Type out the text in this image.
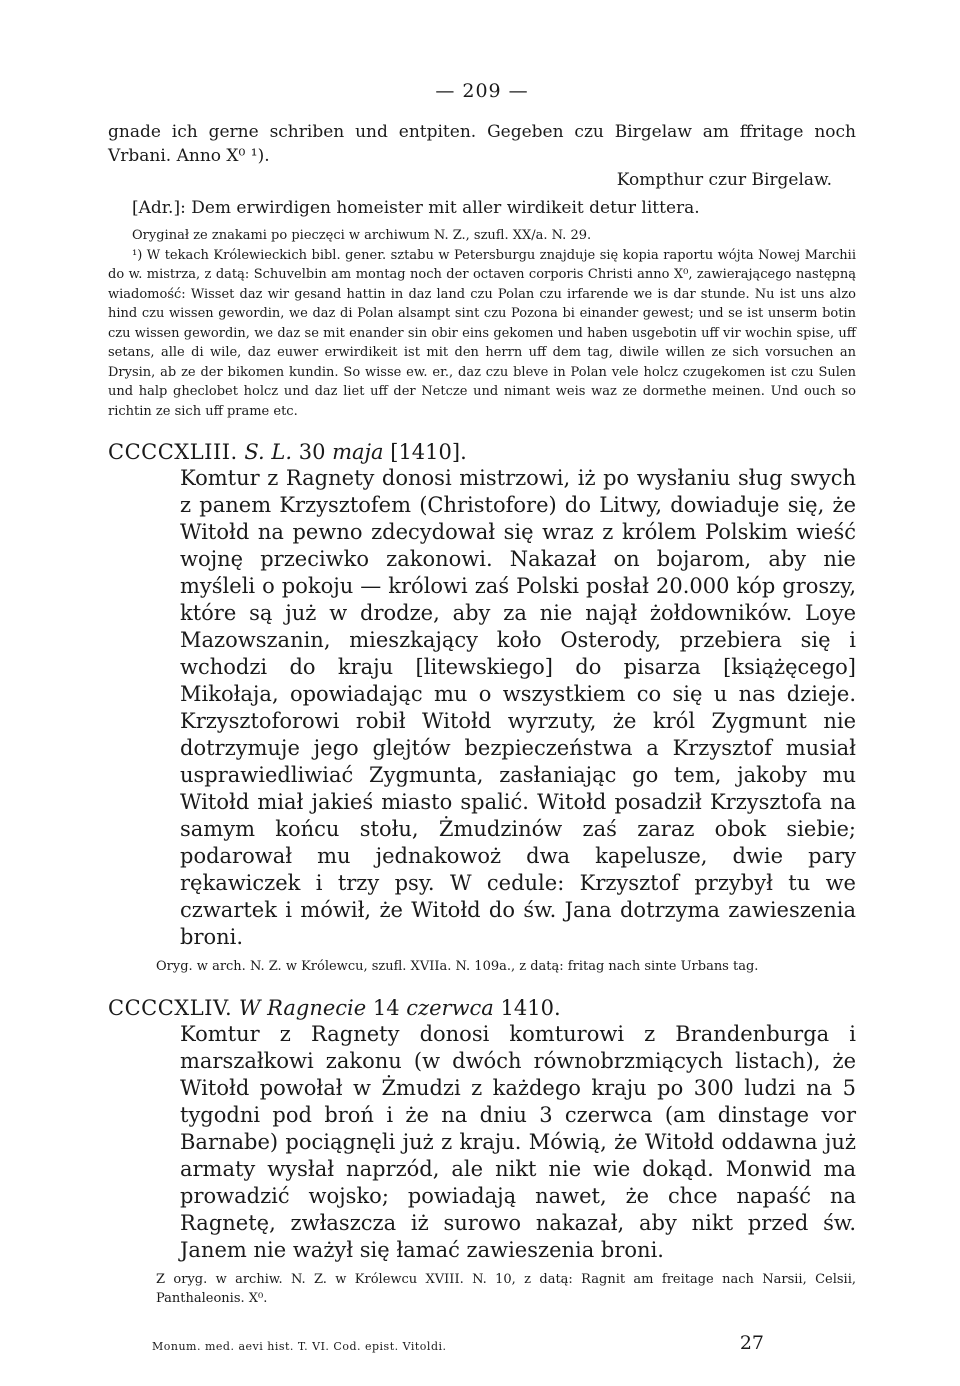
— 209 —

gnade ich gerne schriben und entpiten. Gegeben czu Birgelaw am ffritage noch Vrbani. Anno X⁰ ¹).

Kompthur czur Birgelaw.

[Adr.]: Dem erwirdigen homeister mit aller wirdikeit detur littera.

Oryginał ze znakami po pieczęci w archiwum N. Z., szufl. XX/a. N. 29.

¹) W tekach Królewieckich bibl. gener. sztabu w Petersburgu znajduje się kopia raportu wójta Nowej Marchii do w. mistrza, z datą: Schuvelbin am montag noch der octaven corporis Christi anno X⁰, zawierającego następną wiadomość: Wisset daz wir gesand hattin in daz land czu Polan czu irfarende we is dar stunde. Nu ist uns alzo hind czu wissen gewordin, we daz di Polan alsampt sint czu Pozona bi einander gewest; und se ist unserm botin czu wissen gewordin, we daz se mit enander sin obir eins gekomen und haben usgebotin uff vir wochin spise, uff setans, alle di wile, daz euwer erwirdikeit ist mit den herrn uff dem tag, diwile willen ze sich vorsuchen an Drysin, ab ze der bikomen kundin. So wisse ew. er., daz czu bleve in Polan vele holcz czugekomen ist czu Sulen und halp gheclobet holcz und daz liet uff der Netcze und nimant weis waz ze dormethe meinen. Und ouch so richtin ze sich uff prame etc.

CCCCXLIII. S. L. 30 maja [1410].

Komtur z Ragnety donosi mistrzowi, iż po wysłaniu sług swych z panem Krzysztofem (Christofore) do Litwy, dowiaduje się, że Witołd na pewno zdecydował się wraz z królem Polskim wieść wojnę przeciwko zakonowi. Nakazał on bojarom, aby nie myśleli o pokoju — królowi zaś Polski posłał 20.000 kóp groszy, które są już w drodze, aby za nie najął żołdowników. Loye Mazowszanin, mieszkający koło Osterody, przebiera się i wchodzi do kraju [litewskiego] do pisarza [książęcego] Mikołaja, opowiadając mu o wszystkiem co się u nas dzieje. Krzysztoforowi robił Witołd wyrzuty, że król Zygmunt nie dotrzymuje jego glejtów bezpieczeństwa a Krzysztof musiał usprawiedliwiać Zygmunta, zasłaniając go tem, jakoby mu Witołd miał jakieś miasto spalić. Witołd posadził Krzysztofa na samym końcu stołu, Żmudzinów zaś zaraz obok siebie; podarował mu jednakowoż dwa kapelusze, dwie pary rękawiczek i trzy psy. W cedule: Krzysztof przybył tu we czwartek i mówił, że Witołd do św. Jana dotrzyma zawieszenia broni.

Oryg. w arch. N. Z. w Królewcu, szufl. XVIIa. N. 109a., z datą: fritag nach sinte Urbans tag.

CCCCXLIV. W Ragnecie 14 czerwca 1410.

Komtur z Ragnety donosi komturowi z Brandenburga i marszałkowi zakonu (w dwóch równobrzmiących listach), że Witołd powołał w Żmudzi z każdego kraju po 300 ludzi na 5 tygodni pod broń i że na dniu 3 czerwca (am dinstage vor Barnabe) pociągnęli już z kraju. Mówią, że Witołd oddawna już armaty wysłał naprzód, ale nikt nie wie dokąd. Monwid ma prowadzić wojsko; powiadają nawet, że chce napaść na Ragnetę, zwłaszcza iż surowo nakazał, aby nikt przed św. Janem nie ważył się łamać zawieszenia broni.

Z oryg. w archiw. N. Z. w Królewcu XVIII. N. 10, z datą: Ragnit am freitage nach Narsii, Celsii, Panthaleonis. X⁰.

Monum. med. aevi hist. T. VI. Cod. epist. Vitoldi.	27
